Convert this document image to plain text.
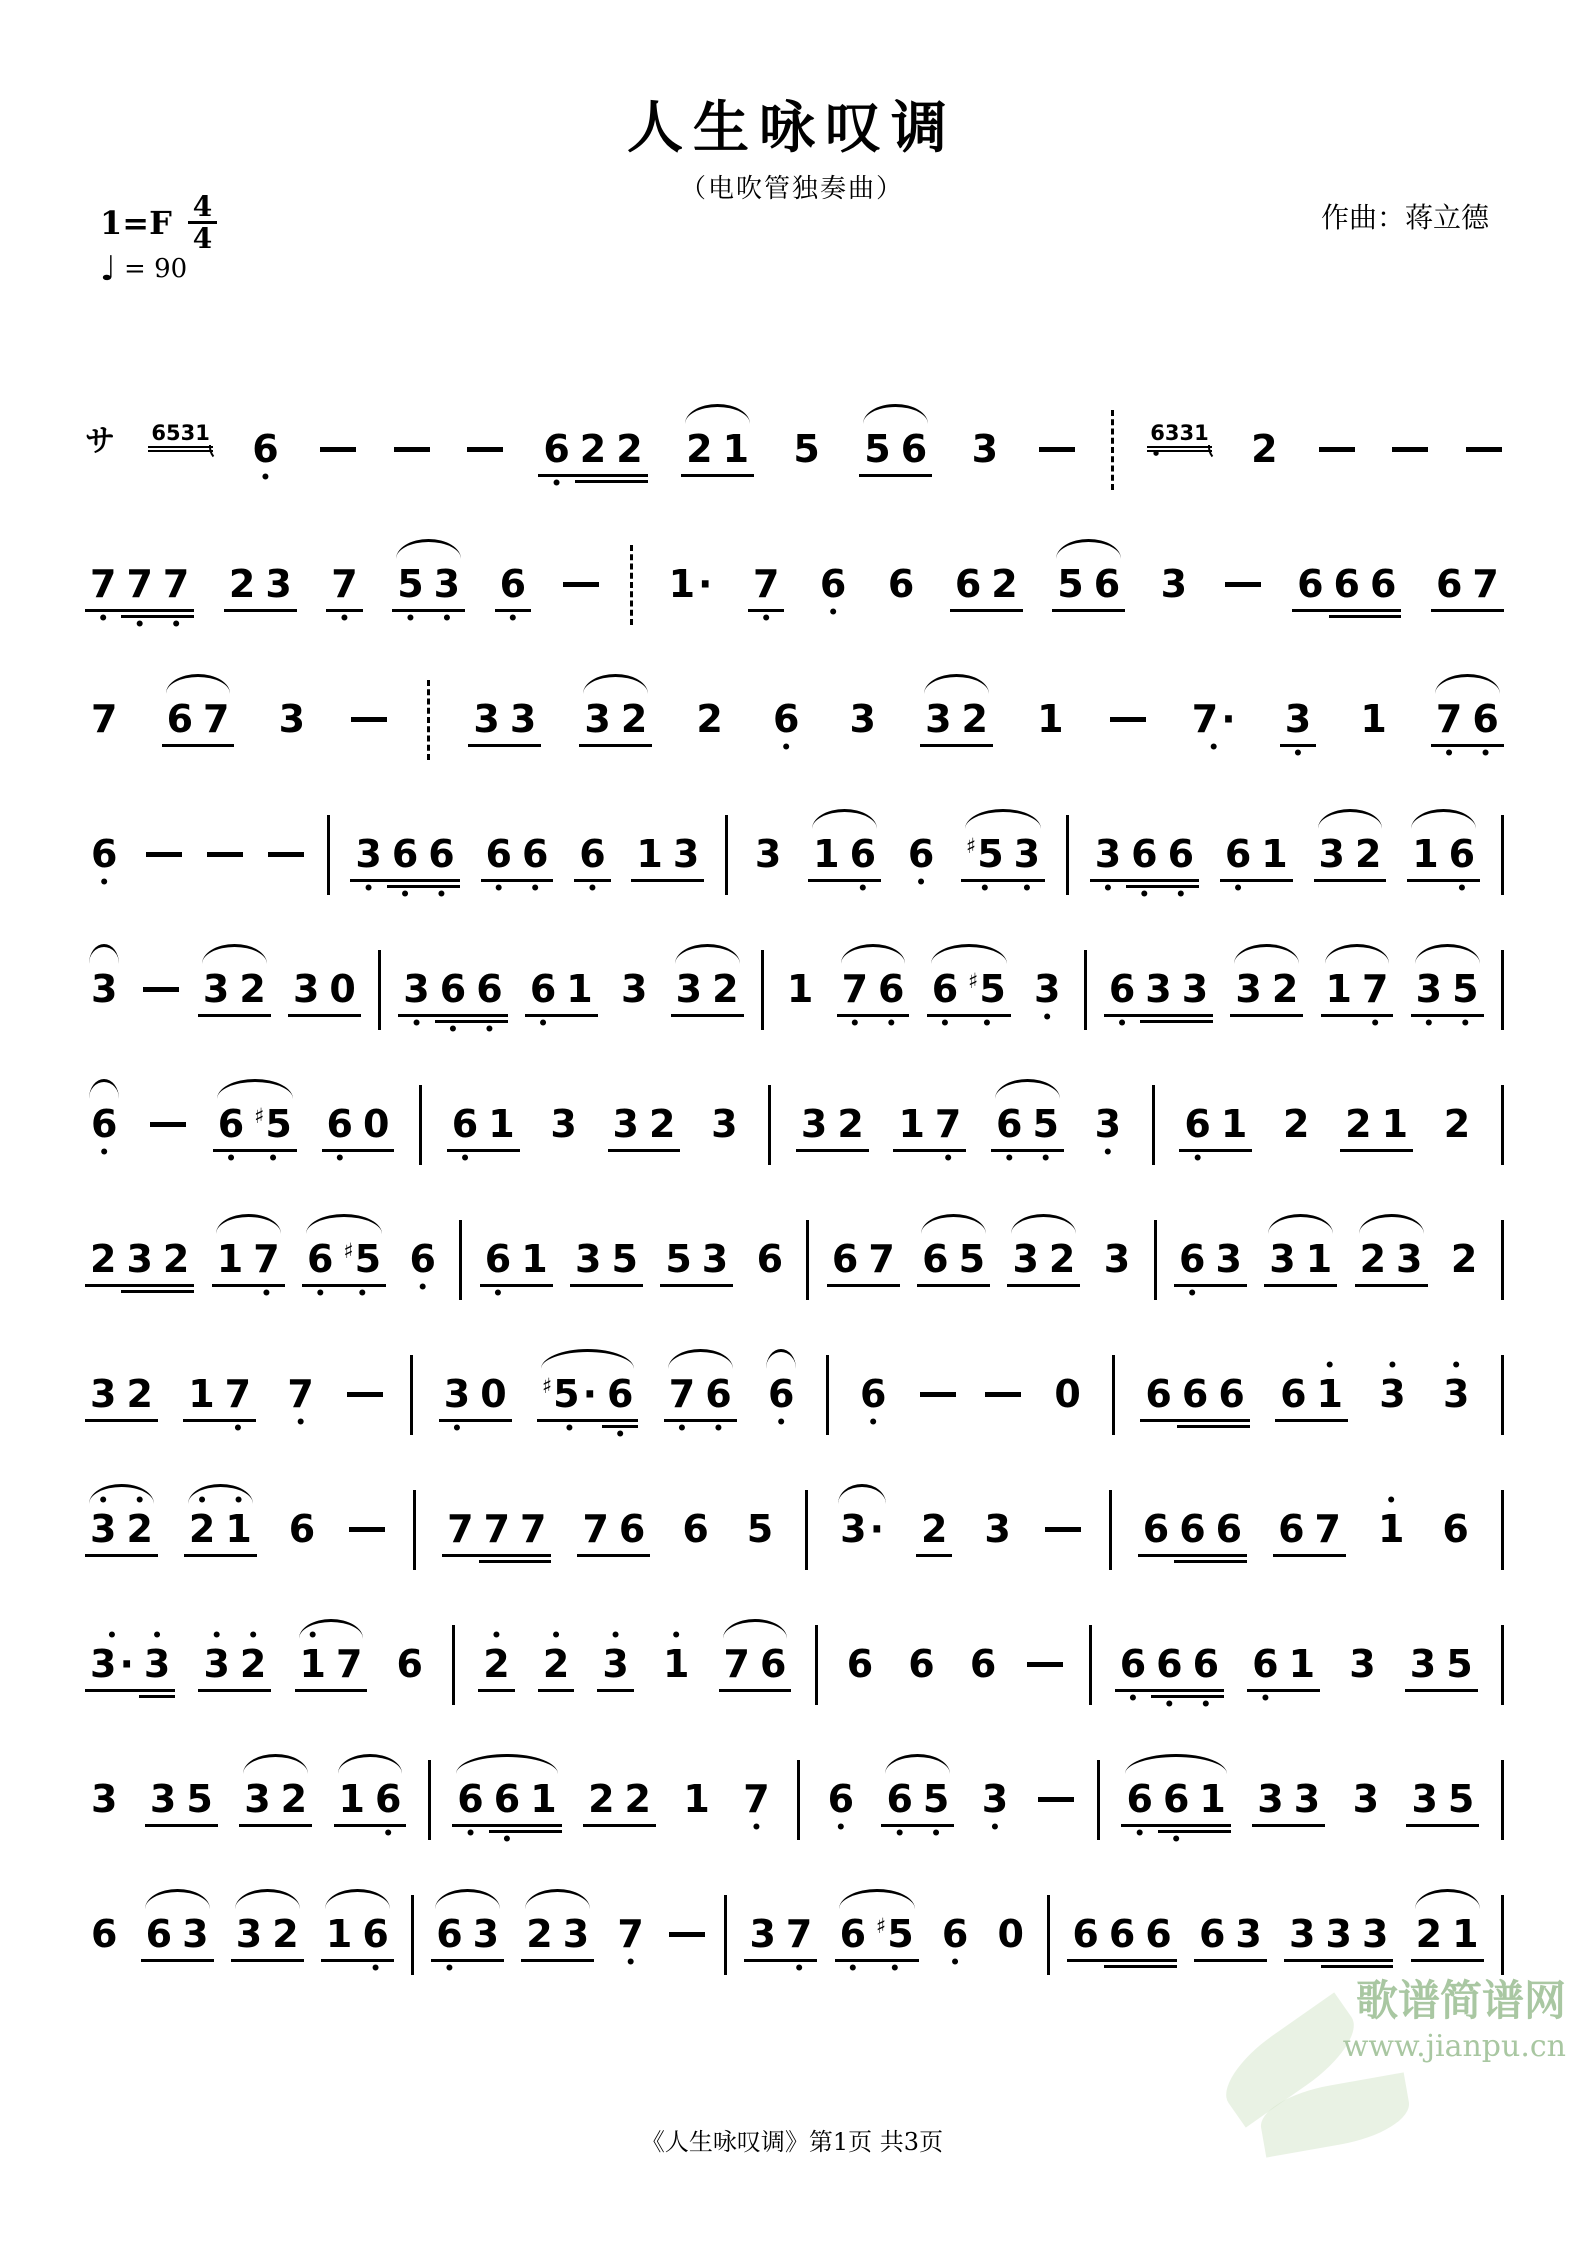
人生咏叹调
（电吹管独奏曲）
$1=F \frac{4}{4}$
♩ = 90
作曲：蒋立德
サ 6531 6
•
6
•
2 2 2 1 5 5 6 3	6331
• 2
7
•
7
•
7
•
2 3 7
•
5
•
3
•
6
•
1· 7
•
6
•
6 6 2 5 6 3	6 6 6 6 7
7 6 7 3	3 3 3 2 2 6
•
3 3 2 1	7·
•
3
•
1 7
•
6
•
6
•
3
•
6
•
6
•
6
•
6
•
6
•
1 3 3 1 6
•
6
•
♯5
•
3
•
3
•
6
•
6
•
6
•
1 3 2 1 6
•
3 3 2 3 0 3
•
6
•
6
•
6
•
1 3 3 2 1 7
•
6
•
6
•
♯5
•
3
•
6
•
3 3 3 2 1 7
•
3
•
5
•
6
•
6
•
♯5
•
6
•
0 6
•
1 3 3 2 3 3 2 1 7
•
6
•
5
•
3
•
6
•
1 2 2 1 2
2 3 2 1 7
•
6
•
♯5
•
6
•
6
•
1 3 5 5 3 6 6 7 6 5 3 2 3 6
•
3 3 1 2 3 2
3 2 1 7
•
7
•
3
•
0 ♯5·
•
6
•
7
•
6
•
6
•
6
•
0 6 6 6 6 1
•
3
•
3
•
3
•
2
•
2
•
1
•
6	7 7 7 7 6 6 5 3· 2 3	6 6 6 6 7 1
•
6
3·
•
3
•
3
•
2
•
1
•
7 6 2
•
2
•
3
•
1
•
7 6 6 6 6	6
•
6
•
6
•
6
•
1 3 3 5
3 3 5 3 2 1 6
•
6
•
6
•
1 2 2 1 7
•
6
•
6
•
5
•
3
•
6
•
6
•
1 3 3 3 3 5
6 6 3 3 2 1 6
•
6
•
3 2 3 7
•
3 7
•
6
•
♯5
•
6
•
0 6 6 6 6 3 3 3 3 2 1
《人生咏叹调》第1页 共3页
歌谱简谱网
www.jianpu.cn
